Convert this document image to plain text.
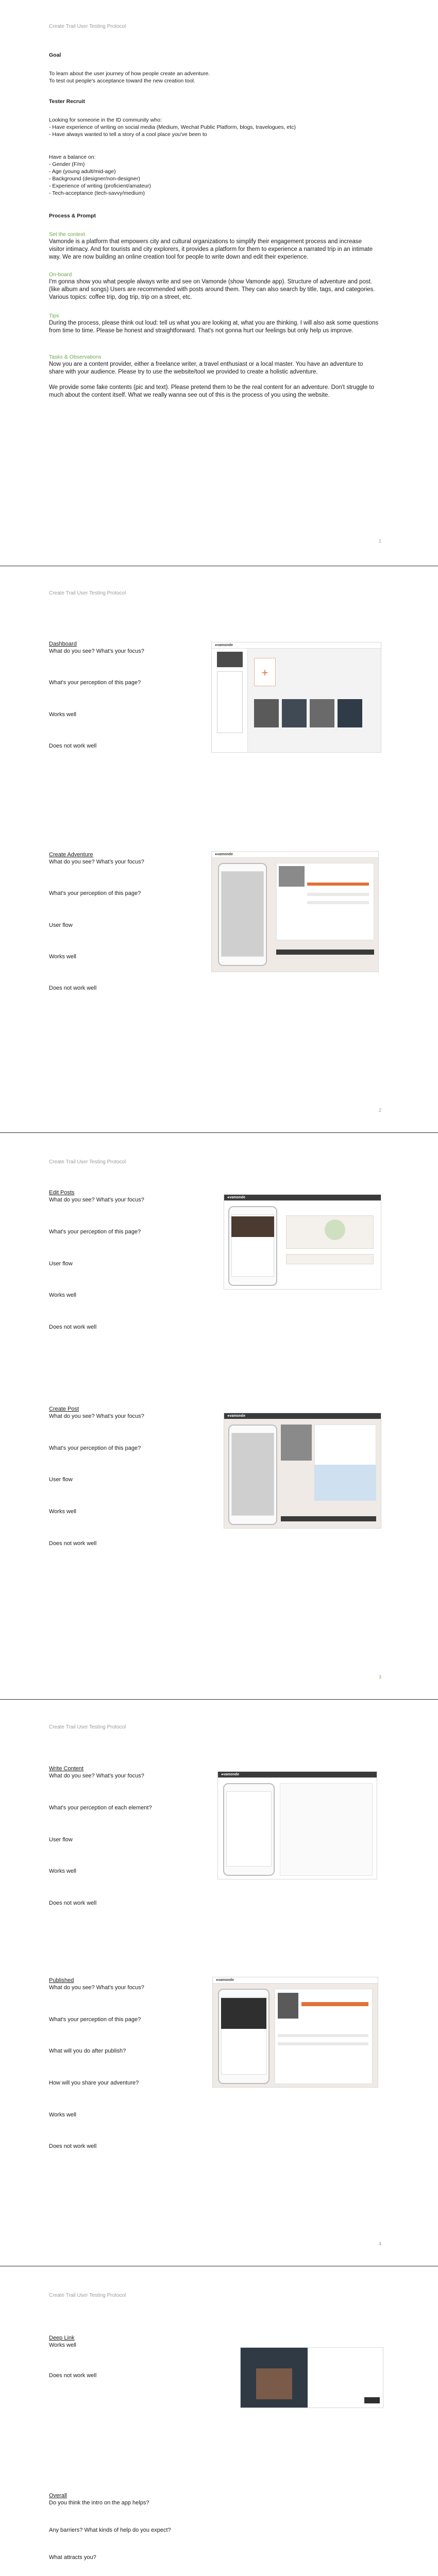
Create Trail User Testing Protocol
Goal
To learn about the user journey of how people create an adventure.
To test out people's acceptance toward the new creation tool.
Tester Recruit
Looking for someone in the ID community who:
- Have experience of writing on social media (Medium, Wechat Public Platform, blogs, travelogues, etc)
- Have always wanted to tell a story of a cool place you've been to
Have a balance on:
- Gender (F/m)
- Age (young adult/mid-age)
- Background (designer/non-designer)
- Experience of writing (proficient/amateur)
- Tech-acceptance (tech-savvy/medium)
Process & Prompt
Set the context
Vamonde is a platform that empowers city and cultural organizations to simplify their engagement process and increase visitor intimacy. And for tourists and city explorers, it provides a platform for them to experience a narrated trip in an intimate way. We are now building an online creation tool for people to write down and edit their experience.
On-board
I'm gonna show you what people always write and see on Vamonde (show Vamonde app). Structure of adventure and post. (like album and songs) Users are recommended with posts around them. They can also search by title, tags, and categories. Various topics: coffee trip, dog trip, trip on a street, etc.
Tips
During the process, please think out loud: tell us what you are looking at, what you are thinking. I will also ask some questions from time to time. Please be honest and straightforward. That's not gonna hurt our feelings but only help us improve.
Tasks & Observations
Now you are a content provider, either a freelance writer, a travel enthusiast or a local master. You have an adventure to share with your audience. Please try to use the website/tool we provided to create a holistic adventure.
We provide some fake contents (pic and text). Please pretend them to be the real content for an adventure. Don't struggle to much about the content itself. What we really wanna see out of this is the process of you using the website.
1
Create Trail User Testing Protocol
Dashboard
What do you see? What's your focus?
What's your perception of this page?
Works well
Does not work well
●vamonde
+
Create Adventure
What do you see? What's your focus?
What's your perception of this page?
User flow
Works well
Does not work well
●vamonde
2
Create Trail User Testing Protocol
Edit Posts
What do you see? What's your focus?
What's your perception of this page?
User flow
Works well
Does not work well
●vamonde
Create Post
What do you see? What's your focus?
What's your perception of this page?
User flow
Works well
Does not work well
●vamonde
3
Create Trail User Testing Protocol
Write Content
What do you see? What's your focus?
What's your perception of each element?
User flow
Works well
Does not work well
●vamonde
Published
What do you see? What's your focus?
What's your perception of this page?
What will you do after publish?
How will you share your adventure?
Works well
Does not work well
●vamonde
4
Create Trail User Testing Protocol
Deep Link
Works well
Does not work well
Overall
Do you think the intro on the app helps?
Any barriers? What kinds of help do you expect?
What attracts you?
